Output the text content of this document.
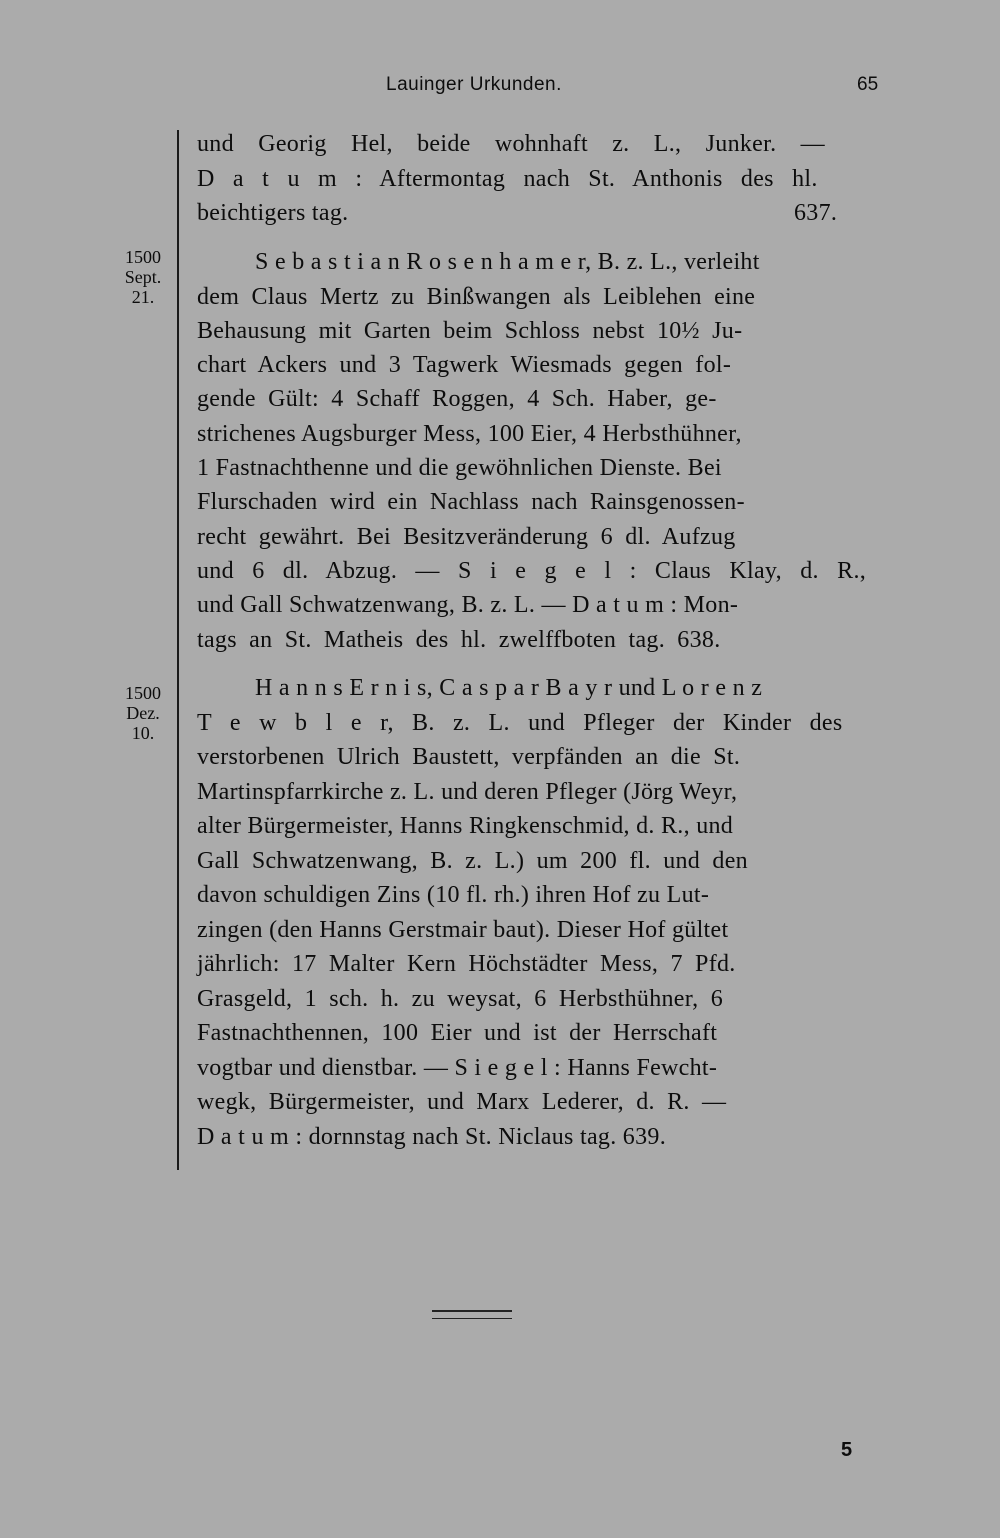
Lauinger Urkunden.	65
1500
Sept.
21.
1500
Dez.
10.
und Georig Hel, beide wohnhaft z. L., Junker. —
D a t u m : Aftermontag nach St. Anthonis des hl.
beichtigers tag.	637.
S e b a s t i a n R o s e n h a m e r, B. z. L., verleiht
dem Claus Mertz zu Binßwangen als Leiblehen eine
Behausung mit Garten beim Schloss nebst 10½ Ju-
chart Ackers und 3 Tagwerk Wiesmads gegen fol-
gende Gült: 4 Schaff Roggen, 4 Sch. Haber, ge-
strichenes Augsburger Mess, 100 Eier, 4 Herbsthühner,
1 Fastnachthenne und die gewöhnlichen Dienste. Bei
Flurschaden wird ein Nachlass nach Rainsgenossen-
recht gewährt. Bei Besitzveränderung 6 dl. Aufzug
und 6 dl. Abzug. — S i e g e l : Claus Klay, d. R.,
und Gall Schwatzenwang, B. z. L. — D a t u m : Mon-
tags an St. Matheis des hl. zwelffboten tag. 638.
H a n n s E r n i s, C a s p a r B a y r und L o r e n z
T e w b l e r, B. z. L. und Pfleger der Kinder des
verstorbenen Ulrich Baustett, verpfänden an die St.
Martinspfarrkirche z. L. und deren Pfleger (Jörg Weyr,
alter Bürgermeister, Hanns Ringkenschmid, d. R., und
Gall Schwatzenwang, B. z. L.) um 200 fl. und den
davon schuldigen Zins (10 fl. rh.) ihren Hof zu Lut-
zingen (den Hanns Gerstmair baut). Dieser Hof gültet
jährlich: 17 Malter Kern Höchstädter Mess, 7 Pfd.
Grasgeld, 1 sch. h. zu weysat, 6 Herbsthühner, 6
Fastnachthennen, 100 Eier und ist der Herrschaft
vogtbar und dienstbar. — S i e g e l : Hanns Fewcht-
wegk, Bürgermeister, und Marx Lederer, d. R. —
D a t u m : dornnstag nach St. Niclaus tag. 639.
5
